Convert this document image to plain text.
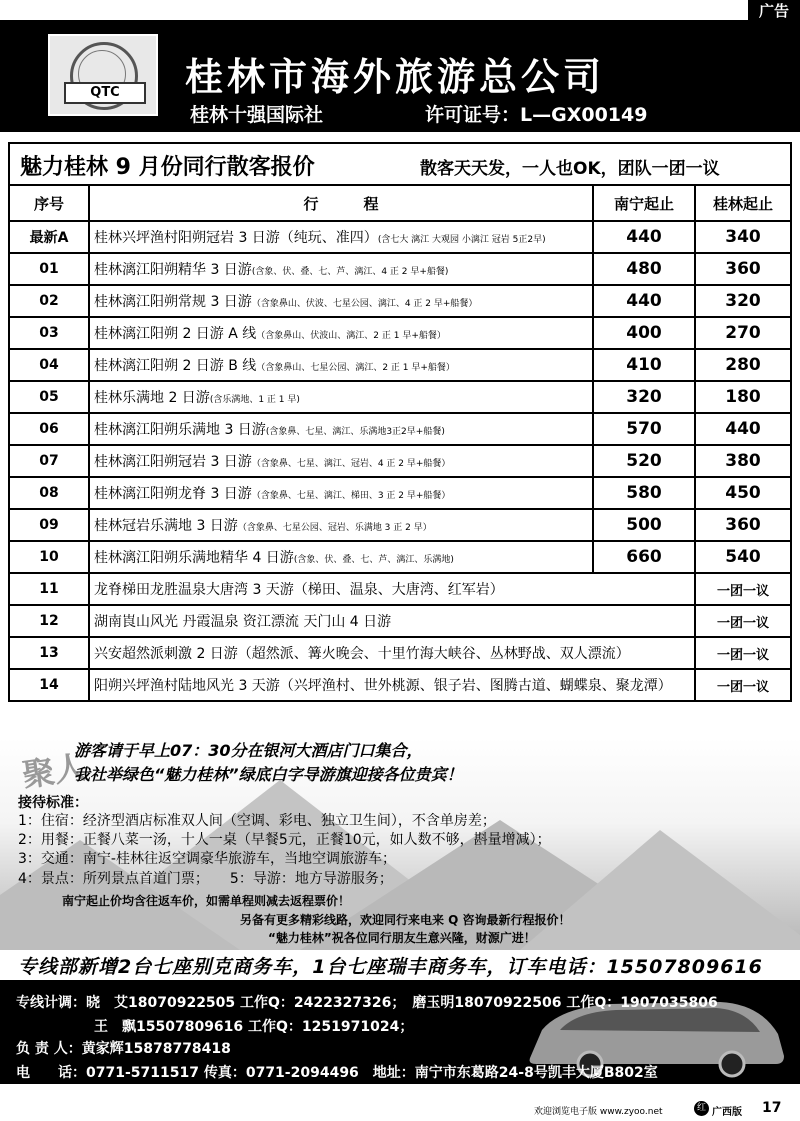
广告
QTC	桂林市海外旅游总公司
桂林十强国际社	许可证号：L—GX00149
魅力桂林 9 月份同行散客报价	散客天天发，一人也OK，团队一团一议
序号	行　　　程	南宁起止	桂林起止
最新A	桂林兴坪渔村阳朔冠岩 3 日游（纯玩、准四）(含七大 漓江 大观园 小漓江 冠岩 5正2早)	440	340
01	桂林漓江阳朔精华 3 日游(含象、伏、叠、七、芦、漓江、4 正 2 早+船餐)	480	360
02	桂林漓江阳朔常规 3 日游（含象鼻山、伏波、七星公园、漓江、4 正 2 早+船餐）	440	320
03	桂林漓江阳朔 2 日游 A 线（含象鼻山、伏波山、漓江、2 正 1 早+船餐）	400	270
04	桂林漓江阳朔 2 日游 B 线（含象鼻山、七星公园、漓江、2 正 1 早+船餐）	410	280
05	桂林乐满地 2 日游(含乐满地、1 正 1 早)	320	180
06	桂林漓江阳朔乐满地 3 日游(含象鼻、七星、漓江、乐满地3正2早+船餐)	570	440
07	桂林漓江阳朔冠岩 3 日游（含象鼻、七星、漓江、冠岩、4 正 2 早+船餐）	520	380
08	桂林漓江阳朔龙脊 3 日游（含象鼻、七星、漓江、梯田、3 正 2 早+船餐）	580	450
09	桂林冠岩乐满地 3 日游（含象鼻、七星公园、冠岩、乐满地 3 正 2 早）	500	360
10	桂林漓江阳朔乐满地精华 4 日游(含象、伏、叠、七、芦、漓江、乐满地)	660	540
11	龙脊梯田龙胜温泉大唐湾 3 天游（梯田、温泉、大唐湾、红军岩）		一团一议
12	湖南崀山风光 丹霞温泉 资江漂流 天门山 4 日游		一团一议
13	兴安超然派刺激 2 日游（超然派、篝火晚会、十里竹海大峡谷、丛林野战、双人漂流）		一团一议
14	阳朔兴坪渔村陆地风光 3 天游（兴坪渔村、世外桃源、银子岩、图腾古道、蝴蝶泉、聚龙潭）		一团一议
聚人
游客请于早上07：30分在银河大酒店门口集合，
我社举绿色“魅力桂林”绿底白字导游旗迎接各位贵宾！
接待标准：
1：住宿：经济型酒店标准双人间（空调、彩电、独立卫生间），不含单房差；
2：用餐：正餐八菜一汤，十人一桌（早餐5元，正餐10元，如人数不够，斟量增减）；
3：交通：南宁-桂林往返空调豪华旅游车，当地空调旅游车；
4：景点：所列景点首道门票；　　5：导游：地方导游服务；
南宁起止价均含往返车价，如需单程则减去返程票价！
另备有更多精彩线路，欢迎同行来电来 Q 咨询最新行程报价！
“魅力桂林”祝各位同行朋友生意兴隆，财源广进！
专线部新增2台七座别克商务车，1台七座瑞丰商务车，订车电话：15507809616
专线计调：晓　艾18070922505 工作Q：2422327326；　磨玉明18070922506 工作Q：1907035806
王　飘15507809616 工作Q：1251971024；
负 责 人：黄家辉15878778418
电　　话：0771-5711517 传真：0771-2094496　地址：南宁市东葛路24-8号凯丰大厦B802室
欢迎浏览电子版 www.zyoo.net	红 广西版 17
